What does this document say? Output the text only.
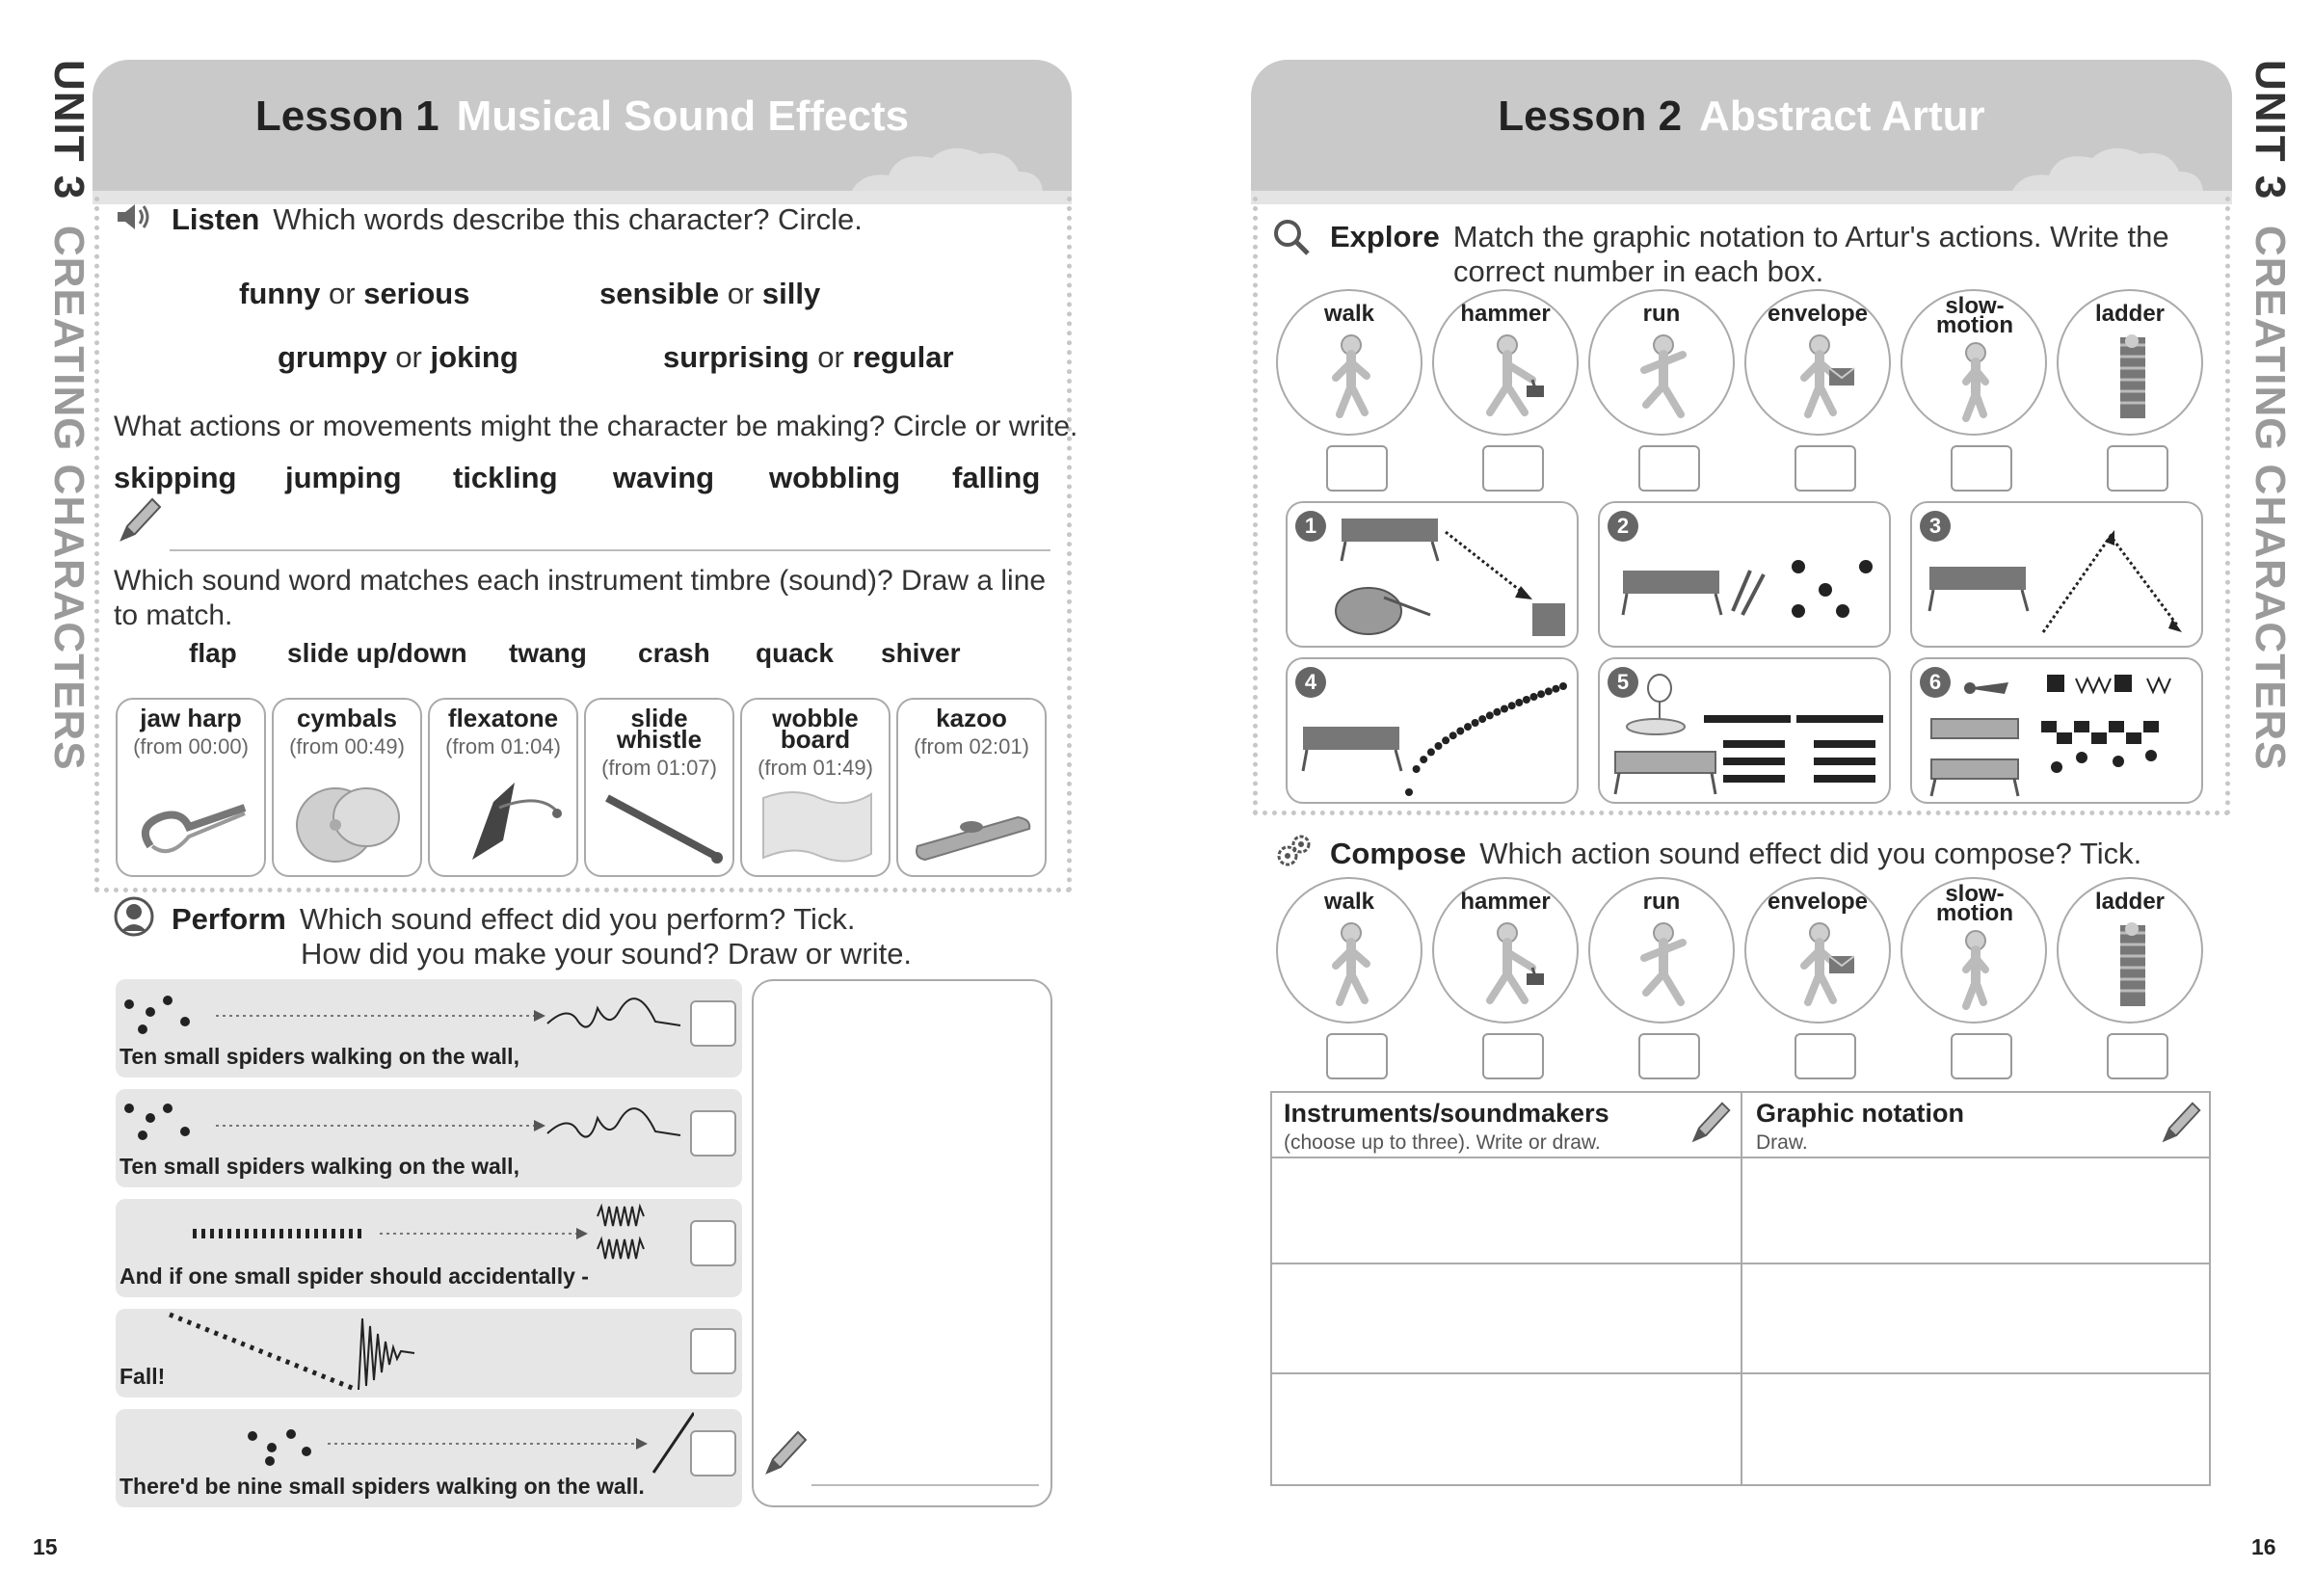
UNIT 3  CREATING CHARACTERS
UNIT 3  CREATING CHARACTERS
Lesson 1 Musical Sound Effects
Listen Which words describe this character? Circle.
funny or serious	sensible or silly
grumpy or joking	surprising or regular
What actions or movements might the character be making? Circle or write.
skipping jumping tickling waving wobbling falling
Which sound word matches each instrument timbre (sound)? Draw a line
to match.
flap slide up/down twang crash quack shiver
jaw harp
(from 00:00)
cymbals
(from 00:49)
flexatone
(from 01:04)
slide whistle
(from 01:07)
wobble board
(from 01:49)
kazoo
(from 02:01)
Perform Which sound effect did you perform? Tick.
How did you make your sound? Draw or write.
Ten small spiders walking on the wall,
Ten small spiders walking on the wall,
And if one small spider should accidentally -
Fall!
There'd be nine small spiders walking on the wall.
15
Lesson 2 Abstract Artur
Explore Match the graphic notation to Artur's actions. Write the
correct number in each box.
walk	hammer	run	envelope	slow-motion	ladder
1	2	3
4	5	6
Compose Which action sound effect did you compose? Tick.
walk	hammer	run	envelope	slow-motion	ladder
Instruments/soundmakers
(choose up to three). Write or draw.
Graphic notation
Draw.
16
